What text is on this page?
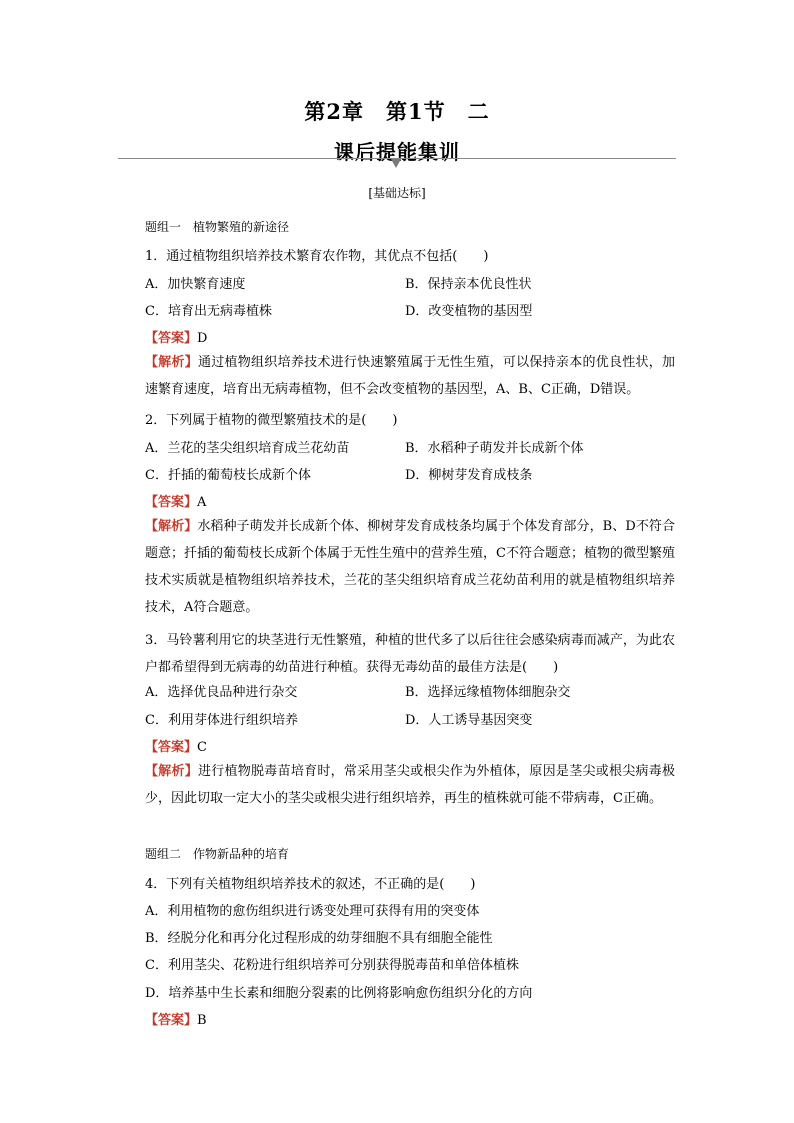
第2章　第1节　二
课后提能集训
[基础达标]
题组一　植物繁殖的新途径
1．通过植物组织培养技术繁育农作物，其优点不包括(　　)
A．加快繁育速度	B．保持亲本优良性状
C．培育出无病毒植株	D．改变植物的基因型
【答案】D
【解析】通过植物组织培养技术进行快速繁殖属于无性生殖，可以保持亲本的优良性状，加速繁育速度，培育出无病毒植物，但不会改变植物的基因型，A、B、C正确，D错误。
2．下列属于植物的微型繁殖技术的是(　　)
A．兰花的茎尖组织培育成兰花幼苗	B．水稻种子萌发并长成新个体
C．扦插的葡萄枝长成新个体	D．柳树芽发育成枝条
【答案】A
【解析】水稻种子萌发并长成新个体、柳树芽发育成枝条均属于个体发育部分，B、D不符合题意；扦插的葡萄枝长成新个体属于无性生殖中的营养生殖，C不符合题意；植物的微型繁殖技术实质就是植物组织培养技术，兰花的茎尖组织培育成兰花幼苗利用的就是植物组织培养技术，A符合题意。
3．马铃薯利用它的块茎进行无性繁殖，种植的世代多了以后往往会感染病毒而减产，为此农户都希望得到无病毒的幼苗进行种植。获得无毒幼苗的最佳方法是(　　)
A．选择优良品种进行杂交	B．选择远缘植物体细胞杂交
C．利用芽体进行组织培养	D．人工诱导基因突变
【答案】C
【解析】进行植物脱毒苗培育时，常采用茎尖或根尖作为外植体，原因是茎尖或根尖病毒极少，因此切取一定大小的茎尖或根尖进行组织培养，再生的植株就可能不带病毒，C正确。
题组二　作物新品种的培育
4．下列有关植物组织培养技术的叙述，不正确的是(　　)
A．利用植物的愈伤组织进行诱变处理可获得有用的突变体
B．经脱分化和再分化过程形成的幼芽细胞不具有细胞全能性
C．利用茎尖、花粉进行组织培养可分别获得脱毒苗和单倍体植株
D．培养基中生长素和细胞分裂素的比例将影响愈伤组织分化的方向
【答案】B
